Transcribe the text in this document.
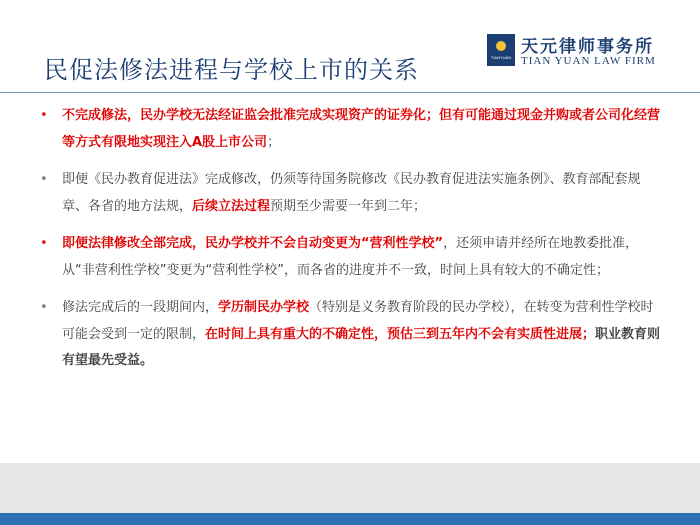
民促法修法进程与学校上市的关系	TIANYUAN
天元律师事务所
TIAN YUAN LAW FIRM
• 不完成修法，民办学校无法经证监会批准完成实现资产的证券化；但有可能通过现金并购或者公司化经营等方式有限地实现注入A股上市公司；
• 即便《民办教育促进法》完成修改，仍须等待国务院修改《民办教育促进法实施条例》、教育部配套规章、各省的地方法规，后续立法过程预期至少需要一年到二年；
• 即便法律修改全部完成，民办学校并不会自动变更为“营利性学校”，还须申请并经所在地教委批准，从“非营利性学校”变更为“营利性学校”，而各省的进度并不一致，时间上具有较大的不确定性；
• 修法完成后的一段期间内，学历制民办学校（特别是义务教育阶段的民办学校），在转变为营利性学校时可能会受到一定的限制，在时间上具有重大的不确定性，预估三到五年内不会有实质性进展；职业教育则有望最先受益。
